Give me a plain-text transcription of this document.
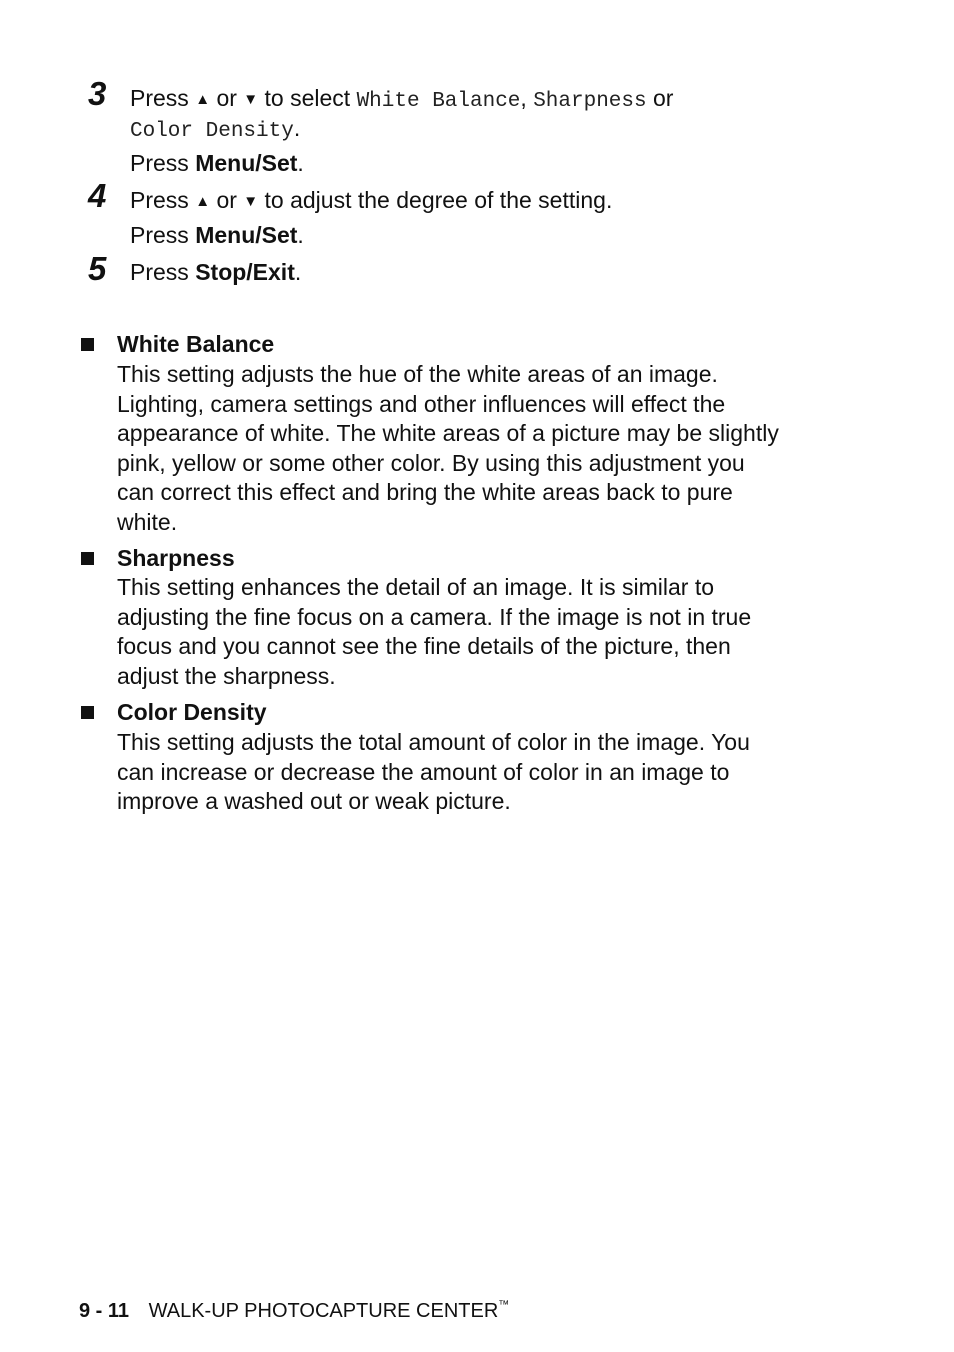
3 Press ▲ or ▼ to select White Balance, Sharpness or
Color Density.
Press Menu/Set.
4 Press ▲ or ▼ to adjust the degree of the setting.
Press Menu/Set.
5 Press Stop/Exit.
White Balance
This setting adjusts the hue of the white areas of an image.
Lighting, camera settings and other influences will effect the
appearance of white. The white areas of a picture may be slightly
pink, yellow or some other color. By using this adjustment you
can correct this effect and bring the white areas back to pure
white.
Sharpness
This setting enhances the detail of an image. It is similar to
adjusting the fine focus on a camera. If the image is not in true
focus and you cannot see the fine details of the picture, then
adjust the sharpness.
Color Density
This setting adjusts the total amount of color in the image. You
can increase or decrease the amount of color in an image to
improve a washed out or weak picture.
9 - 11 WALK-UP PHOTOCAPTURE CENTER™
